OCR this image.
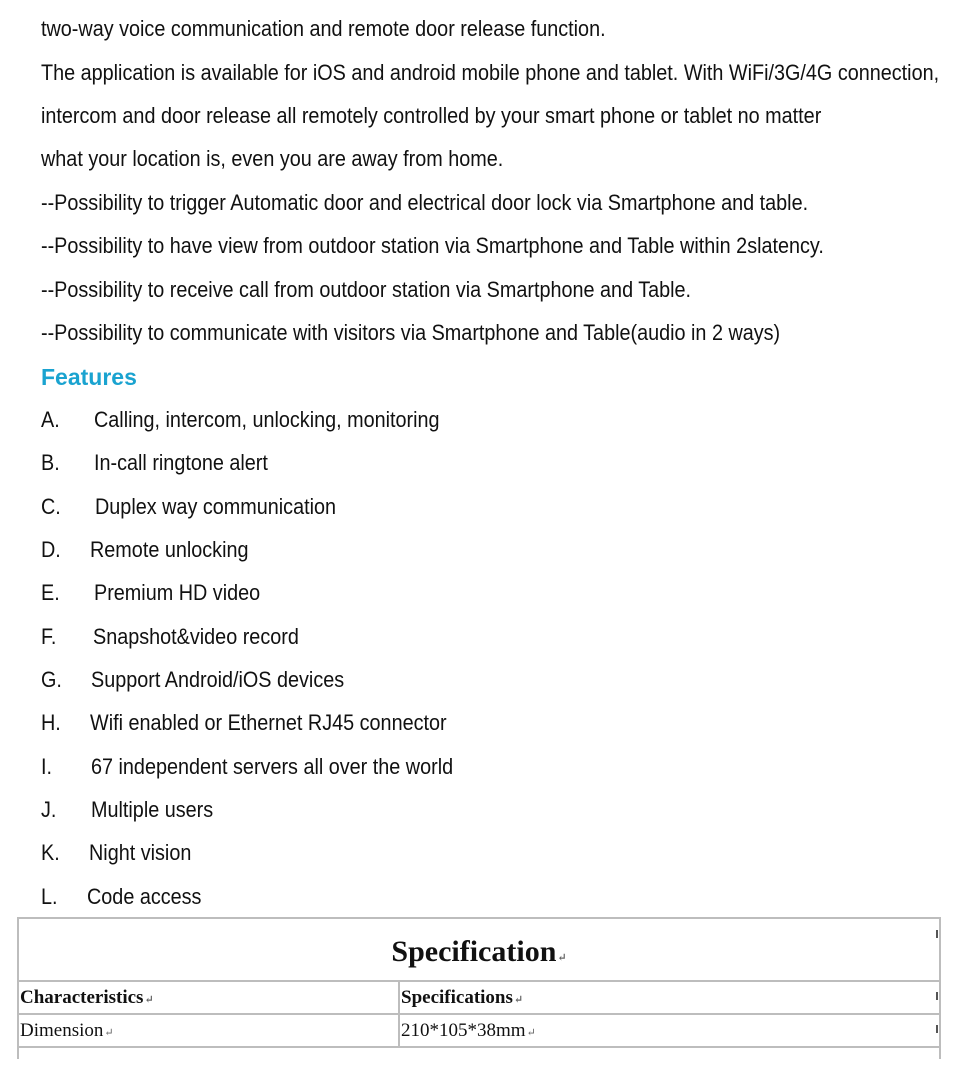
two-way voice communication and remote door release function.
The application is available for iOS and android mobile phone and tablet. With WiFi/3G/4G connection,
intercom and door release all remotely controlled by your smart phone or tablet no matter
what your location is, even you are away from home.
--Possibility to trigger Automatic door and electrical door lock via Smartphone and table.
--Possibility to have view from outdoor station via Smartphone and Table within 2slatency.
--Possibility to receive call from outdoor station via Smartphone and Table.
--Possibility to communicate with visitors via Smartphone and Table(audio in 2 ways)
Features
A. Calling, intercom, unlocking, monitoring
B. In-call ringtone alert
C. Duplex way communication
D. Remote unlocking
E. Premium HD video
F. Snapshot&video record
G. Support Android/iOS devices
H. Wifi enabled or Ethernet RJ45 connector
I. 67 independent servers all over the world
J. Multiple users
K. Night vision
L. Code access
Specification↵
Characteristics↵	Specifications↵
Dimension↵	210*105*38mm↵
